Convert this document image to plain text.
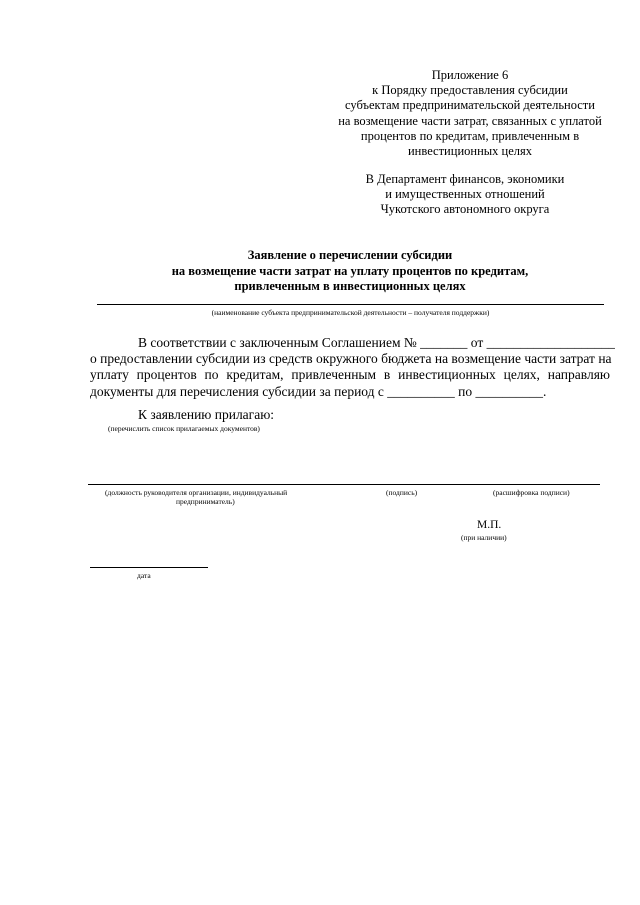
Приложение 6
к Порядку предоставления субсидии
субъектам предпринимательской деятельности
на возмещение части затрат, связанных с уплатой
процентов по кредитам, привлеченным в
инвестиционных целях
В Департамент финансов, экономики
и имущественных отношений
Чукотского автономного округа
Заявление о перечислении субсидии
на возмещение части затрат на уплату процентов по кредитам,
привлеченным в инвестиционных целях
(наименование субъекта предпринимательской деятельности – получателя поддержки)
В соответствии с заключенным Соглашением № _______ от ___________________
о предоставлении субсидии из средств окружного бюджета на возмещение части затрат на
уплату процентов по кредитам, привлеченным в инвестиционных целях, направляю
документы для перечисления субсидии за период с __________ по __________.
К заявлению прилагаю:
(перечислить список прилагаемых документов)
(должность руководителя организации, индивидуальный
предприниматель)
(подпись)	(расшифровка подписи)
М.П.
(при наличии)
дата
